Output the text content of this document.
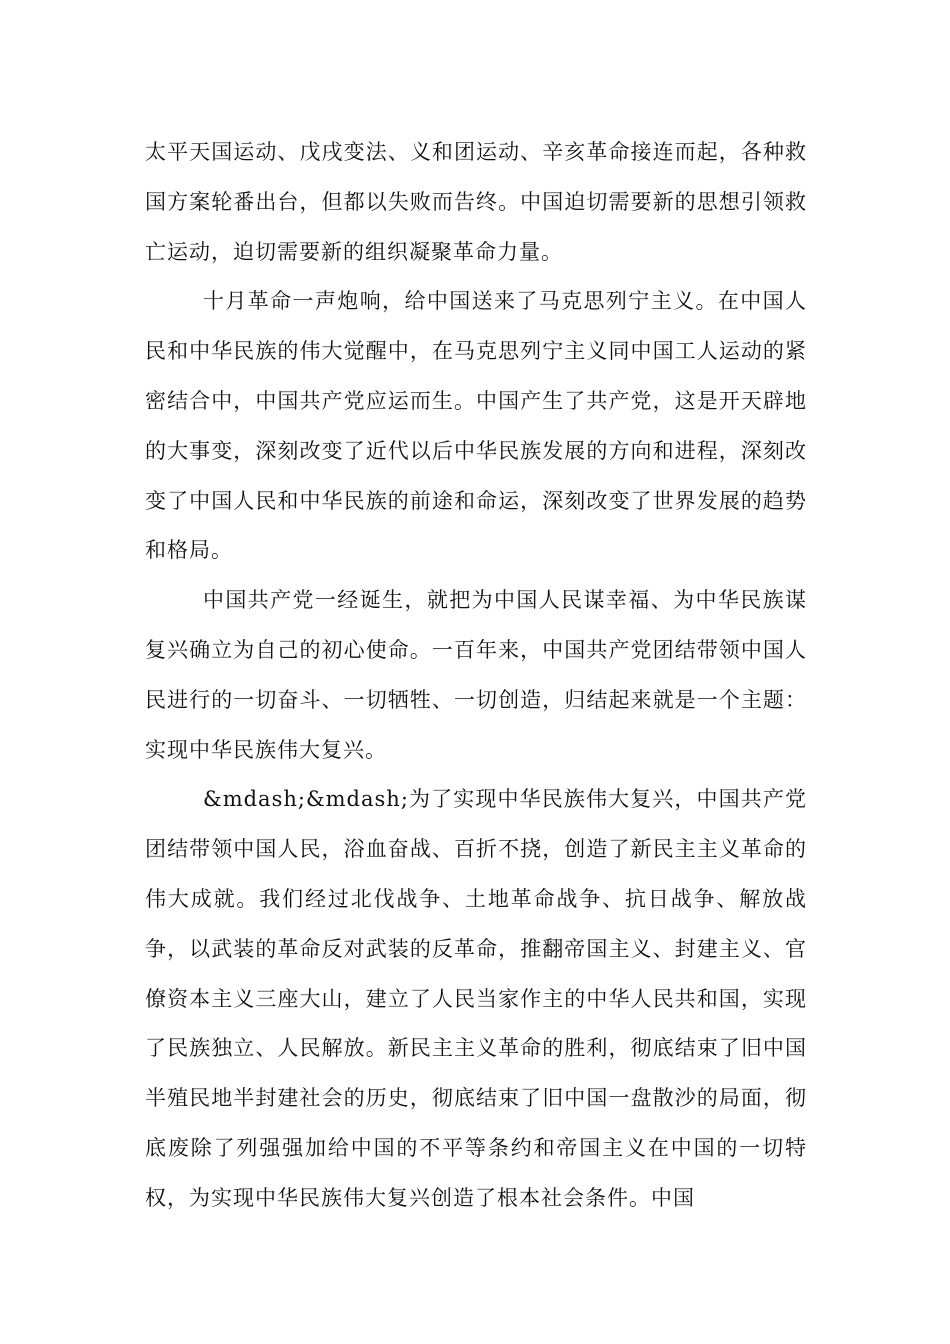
太平天国运动、戊戌变法、义和团运动、辛亥革命接连而起，各种救国方案轮番出台，但都以失败而告终。中国迫切需要新的思想引领救亡运动，迫切需要新的组织凝聚革命力量。

十月革命一声炮响，给中国送来了马克思列宁主义。在中国人民和中华民族的伟大觉醒中，在马克思列宁主义同中国工人运动的紧密结合中，中国共产党应运而生。中国产生了共产党，这是开天辟地的大事变，深刻改变了近代以后中华民族发展的方向和进程，深刻改变了中国人民和中华民族的前途和命运，深刻改变了世界发展的趋势和格局。

中国共产党一经诞生，就把为中国人民谋幸福、为中华民族谋复兴确立为自己的初心使命。一百年来，中国共产党团结带领中国人民进行的一切奋斗、一切牺牲、一切创造，归结起来就是一个主题：实现中华民族伟大复兴。

&mdash;&mdash;为了实现中华民族伟大复兴，中国共产党团结带领中国人民，浴血奋战、百折不挠，创造了新民主主义革命的伟大成就。我们经过北伐战争、土地革命战争、抗日战争、解放战争，以武装的革命反对武装的反革命，推翻帝国主义、封建主义、官僚资本主义三座大山，建立了人民当家作主的中华人民共和国，实现了民族独立、人民解放。新民主主义革命的胜利，彻底结束了旧中国半殖民地半封建社会的历史，彻底结束了旧中国一盘散沙的局面，彻底废除了列强强加给中国的不平等条约和帝国主义在中国的一切特权，为实现中华民族伟大复兴创造了根本社会条件。中国
